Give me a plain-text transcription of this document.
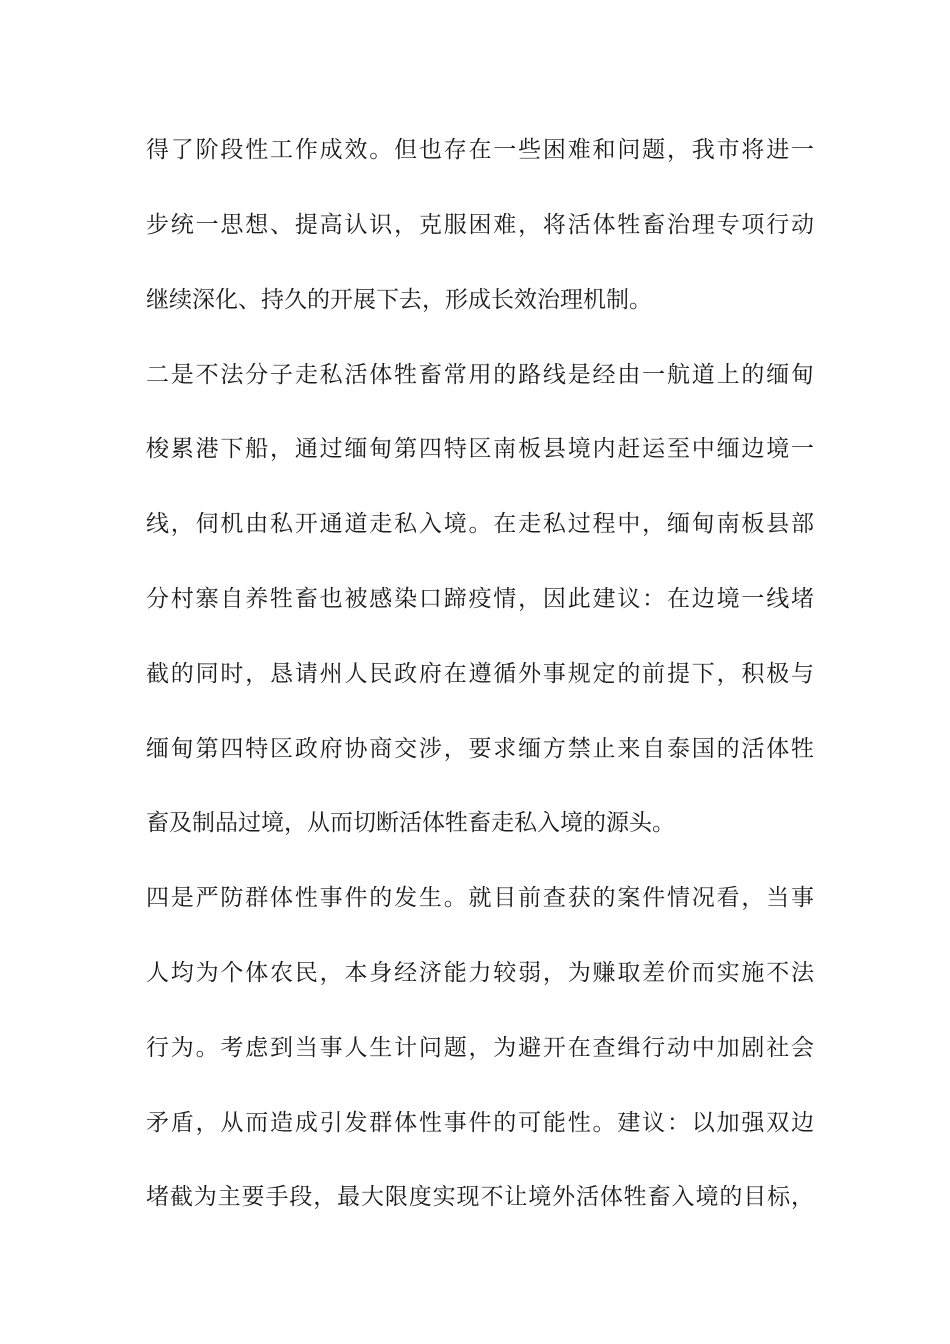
得了阶段性工作成效。但也存在一些困难和问题，我市将进一
步统一思想、提高认识，克服困难，将活体牲畜治理专项行动
继续深化、持久的开展下去，形成长效治理机制。
二是不法分子走私活体牲畜常用的路线是经由一航道上的缅甸
梭累港下船，通过缅甸第四特区南板县境内赶运至中缅边境一
线，伺机由私开通道走私入境。在走私过程中，缅甸南板县部
分村寨自养牲畜也被感染口蹄疫情，因此建议：在边境一线堵
截的同时，恳请州人民政府在遵循外事规定的前提下，积极与
缅甸第四特区政府协商交涉，要求缅方禁止来自泰国的活体牲
畜及制品过境，从而切断活体牲畜走私入境的源头。
四是严防群体性事件的发生。就目前查获的案件情况看，当事
人均为个体农民，本身经济能力较弱，为赚取差价而实施不法
行为。考虑到当事人生计问题，为避开在查缉行动中加剧社会
矛盾，从而造成引发群体性事件的可能性。建议：以加强双边
堵截为主要手段，最大限度实现不让境外活体牲畜入境的目标，
